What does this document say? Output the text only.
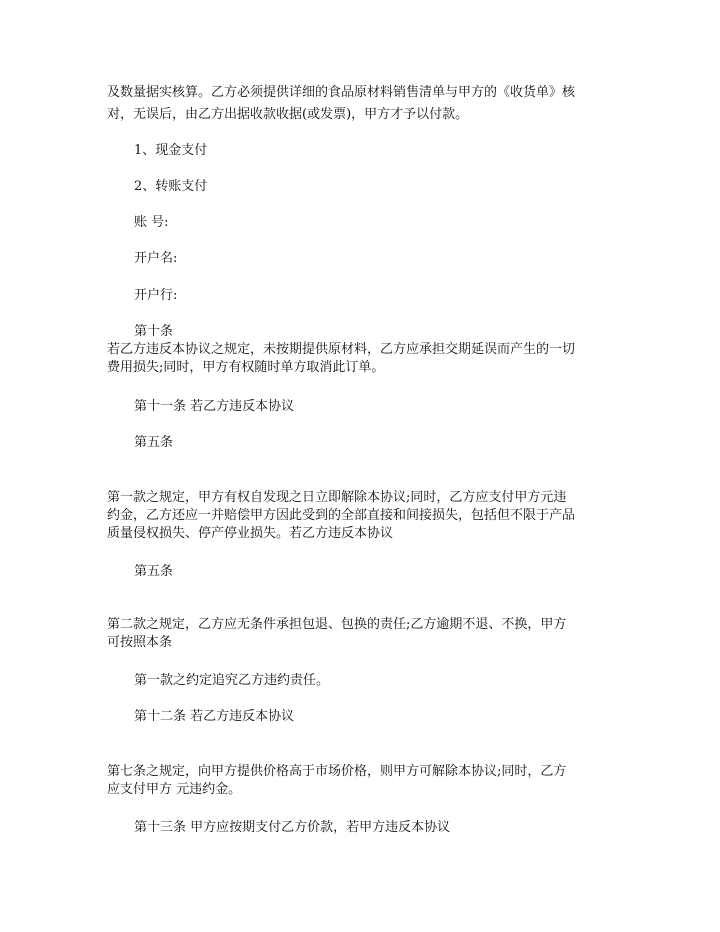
及数量据实核算。乙方必须提供详细的食品原材料销售清单与甲方的《收货单》核
对，无误后，由乙方出据收款收据(或发票)，甲方才予以付款。
1、现金支付
2、转账支付
账 号:
开户名:
开户行:
第十条
若乙方违反本协议之规定，未按期提供原材料，乙方应承担交期延误而产生的一切
费用损失;同时，甲方有权随时单方取消此订单。
第十一条 若乙方违反本协议
第五条
第一款之规定，甲方有权自发现之日立即解除本协议;同时，乙方应支付甲方元违
约金，乙方还应一并赔偿甲方因此受到的全部直接和间接损失，包括但不限于产品
质量侵权损失、停产停业损失。若乙方违反本协议
第五条
第二款之规定，乙方应无条件承担包退、包换的责任;乙方逾期不退、不换，甲方
可按照本条
第一款之约定追究乙方违约责任。
第十二条 若乙方违反本协议
第七条之规定，向甲方提供价格高于市场价格，则甲方可解除本协议;同时，乙方
应支付甲方 元违约金。
第十三条 甲方应按期支付乙方价款，若甲方违反本协议
